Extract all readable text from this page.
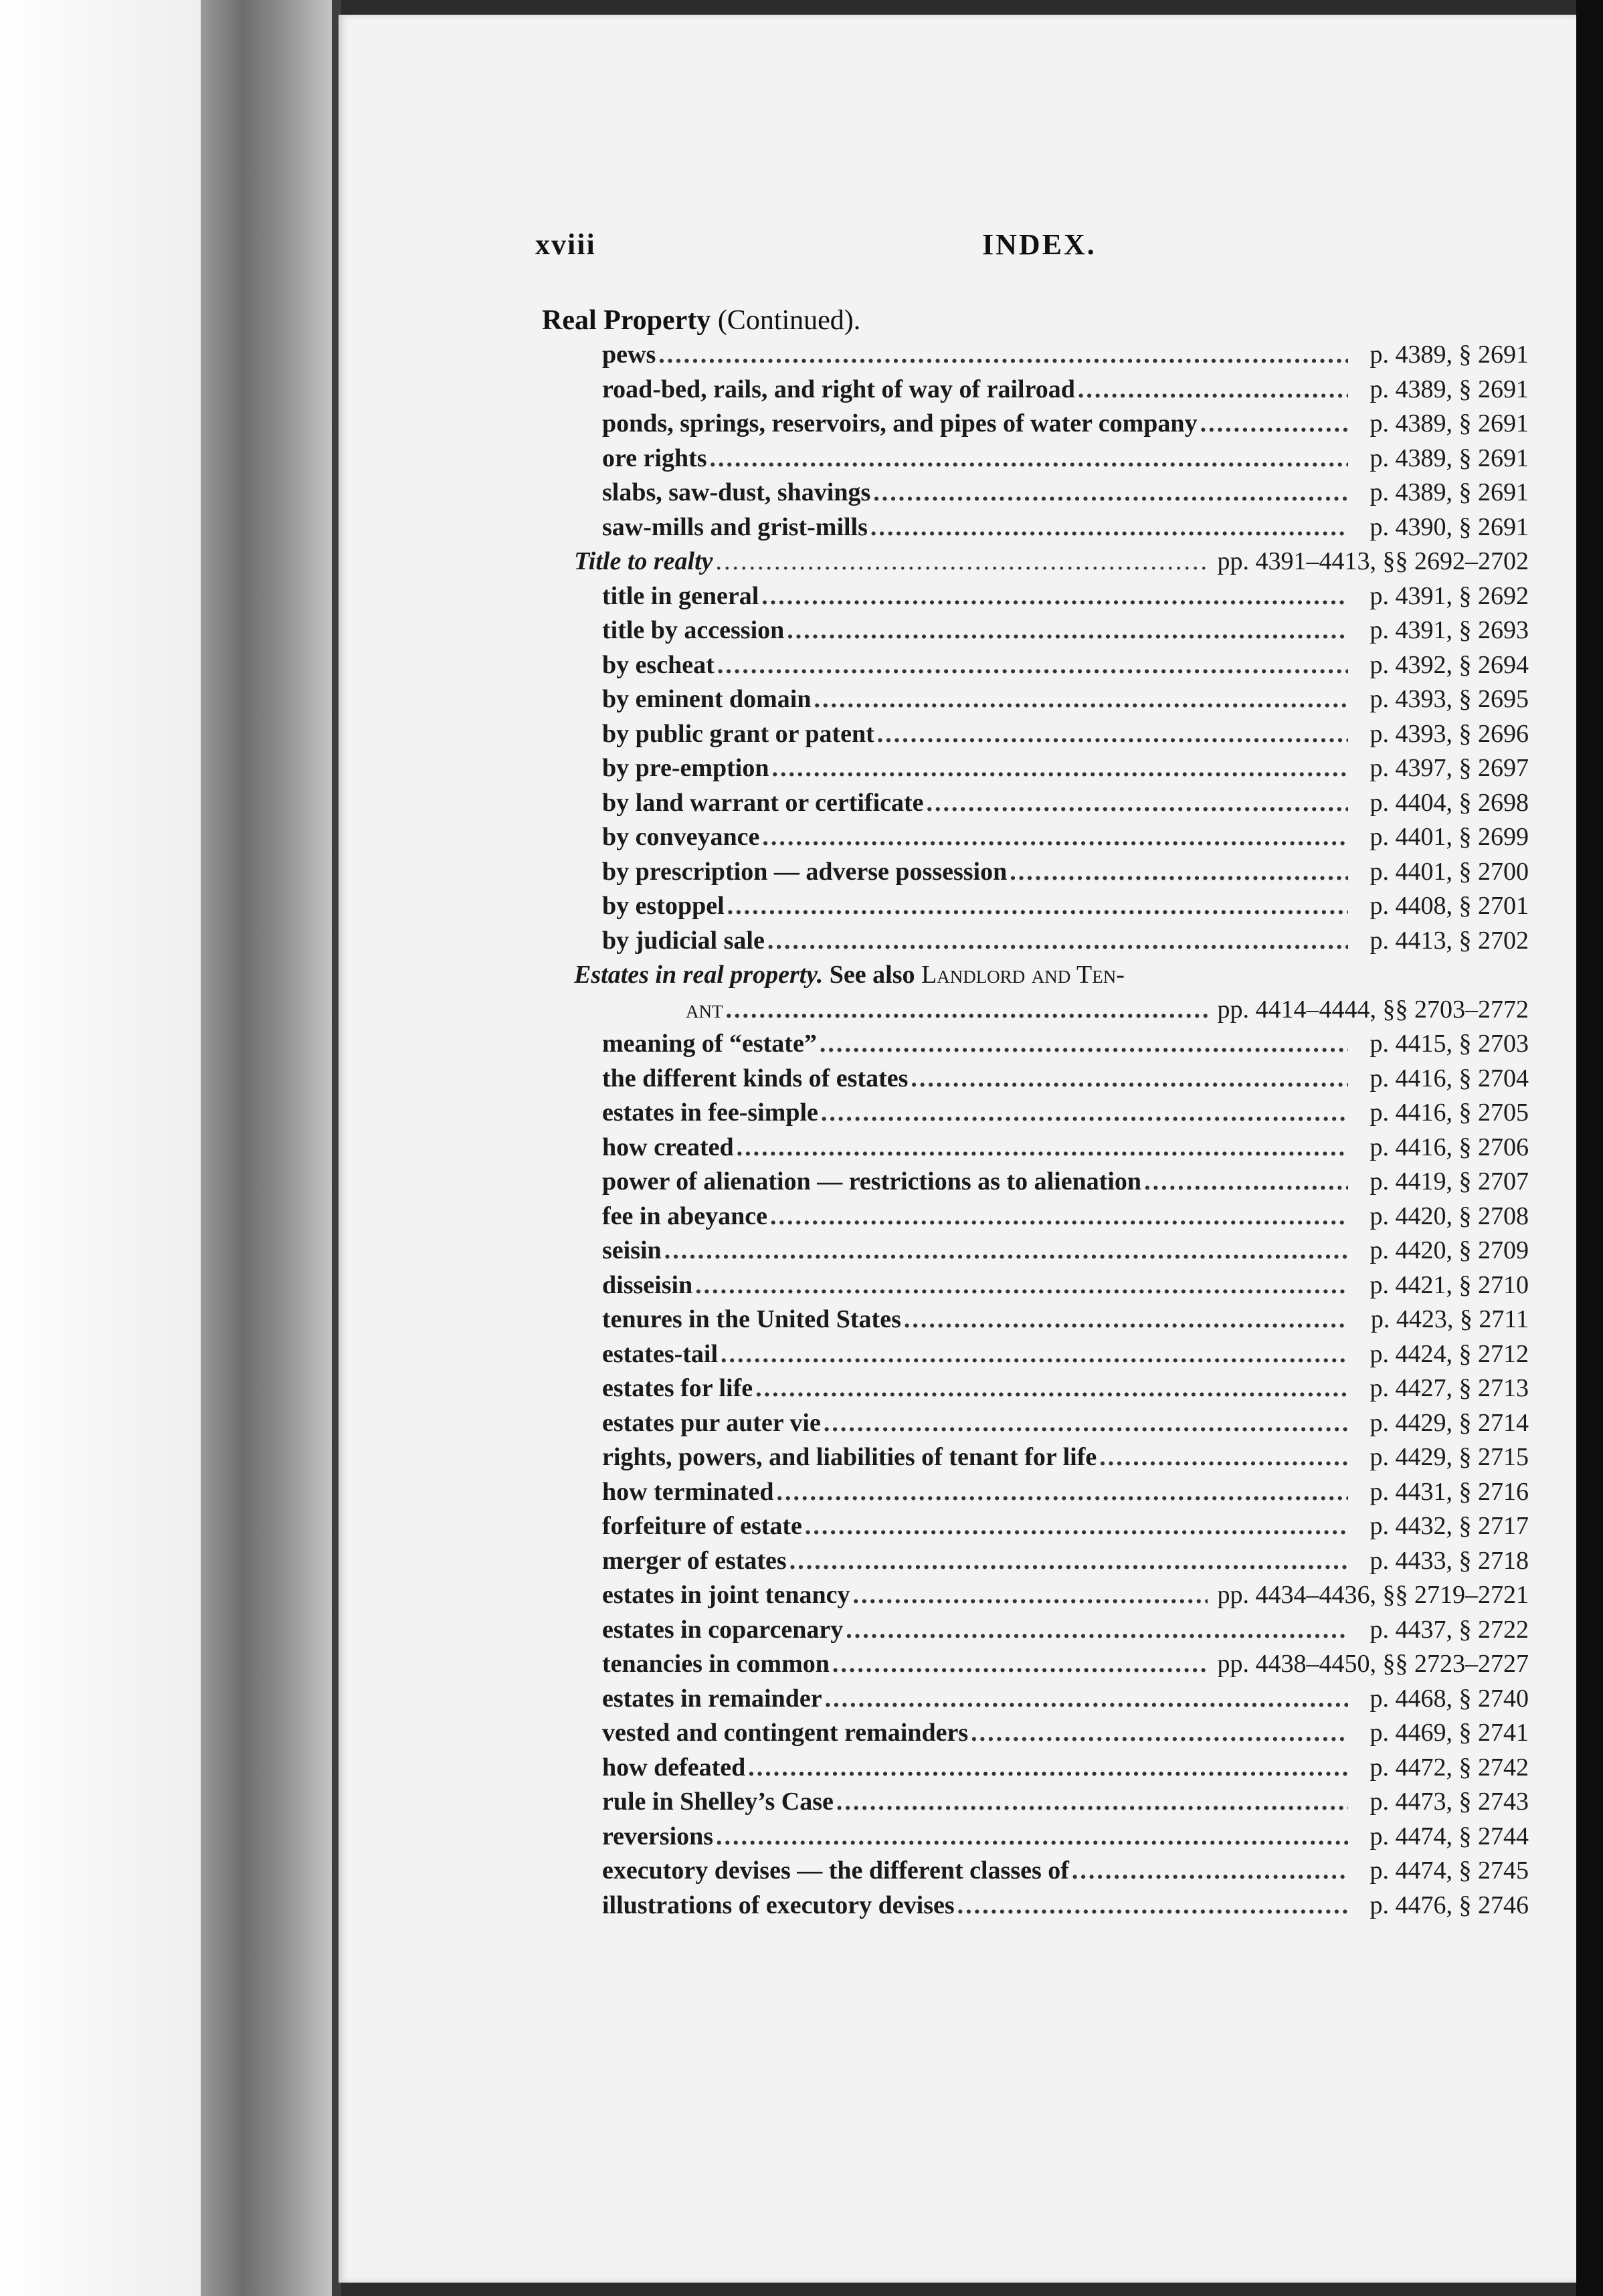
xviii	INDEX.
Real Property (Continued).
pews .....	p. 4389, § 2691
road-bed, rails, and right of way of railroad .....	p. 4389, § 2691
ponds, springs, reservoirs, and pipes of water company .....	p. 4389, § 2691
ore rights .....	p. 4389, § 2691
slabs, saw-dust, shavings .....	p. 4389, § 2691
saw-mills and grist-mills .....	p. 4390, § 2691
Title to realty .....	pp. 4391–4413, §§ 2692–2702
title in general .....	p. 4391, § 2692
title by accession .....	p. 4391, § 2693
by escheat .....	p. 4392, § 2694
by eminent domain .....	p. 4393, § 2695
by public grant or patent .....	p. 4393, § 2696
by pre-emption .....	p. 4397, § 2697
by land warrant or certificate .....	p. 4404, § 2698
by conveyance .....	p. 4401, § 2699
by prescription — adverse possession .....	p. 4401, § 2700
by estoppel .....	p. 4408, § 2701
by judicial sale .....	p. 4413, § 2702
Estates in real property. See also Landlord and Ten-
ant .....	pp. 4414–4444, §§ 2703–2772
meaning of “estate” .....	p. 4415, § 2703
the different kinds of estates .....	p. 4416, § 2704
estates in fee-simple .....	p. 4416, § 2705
how created .....	p. 4416, § 2706
power of alienation — restrictions as to alienation .....	p. 4419, § 2707
fee in abeyance .....	p. 4420, § 2708
seisin .....	p. 4420, § 2709
disseisin .....	p. 4421, § 2710
tenures in the United States .....	p. 4423, § 2711
estates-tail .....	p. 4424, § 2712
estates for life .....	p. 4427, § 2713
estates pur auter vie .....	p. 4429, § 2714
rights, powers, and liabilities of tenant for life .....	p. 4429, § 2715
how terminated .....	p. 4431, § 2716
forfeiture of estate .....	p. 4432, § 2717
merger of estates .....	p. 4433, § 2718
estates in joint tenancy .....	pp. 4434–4436, §§ 2719–2721
estates in coparcenary .....	p. 4437, § 2722
tenancies in common .....	pp. 4438–4450, §§ 2723–2727
estates in remainder .....	p. 4468, § 2740
vested and contingent remainders .....	p. 4469, § 2741
how defeated .....	p. 4472, § 2742
rule in Shelley’s Case .....	p. 4473, § 2743
reversions .....	p. 4474, § 2744
executory devises — the different classes of .....	p. 4474, § 2745
illustrations of executory devises .....	p. 4476, § 2746
